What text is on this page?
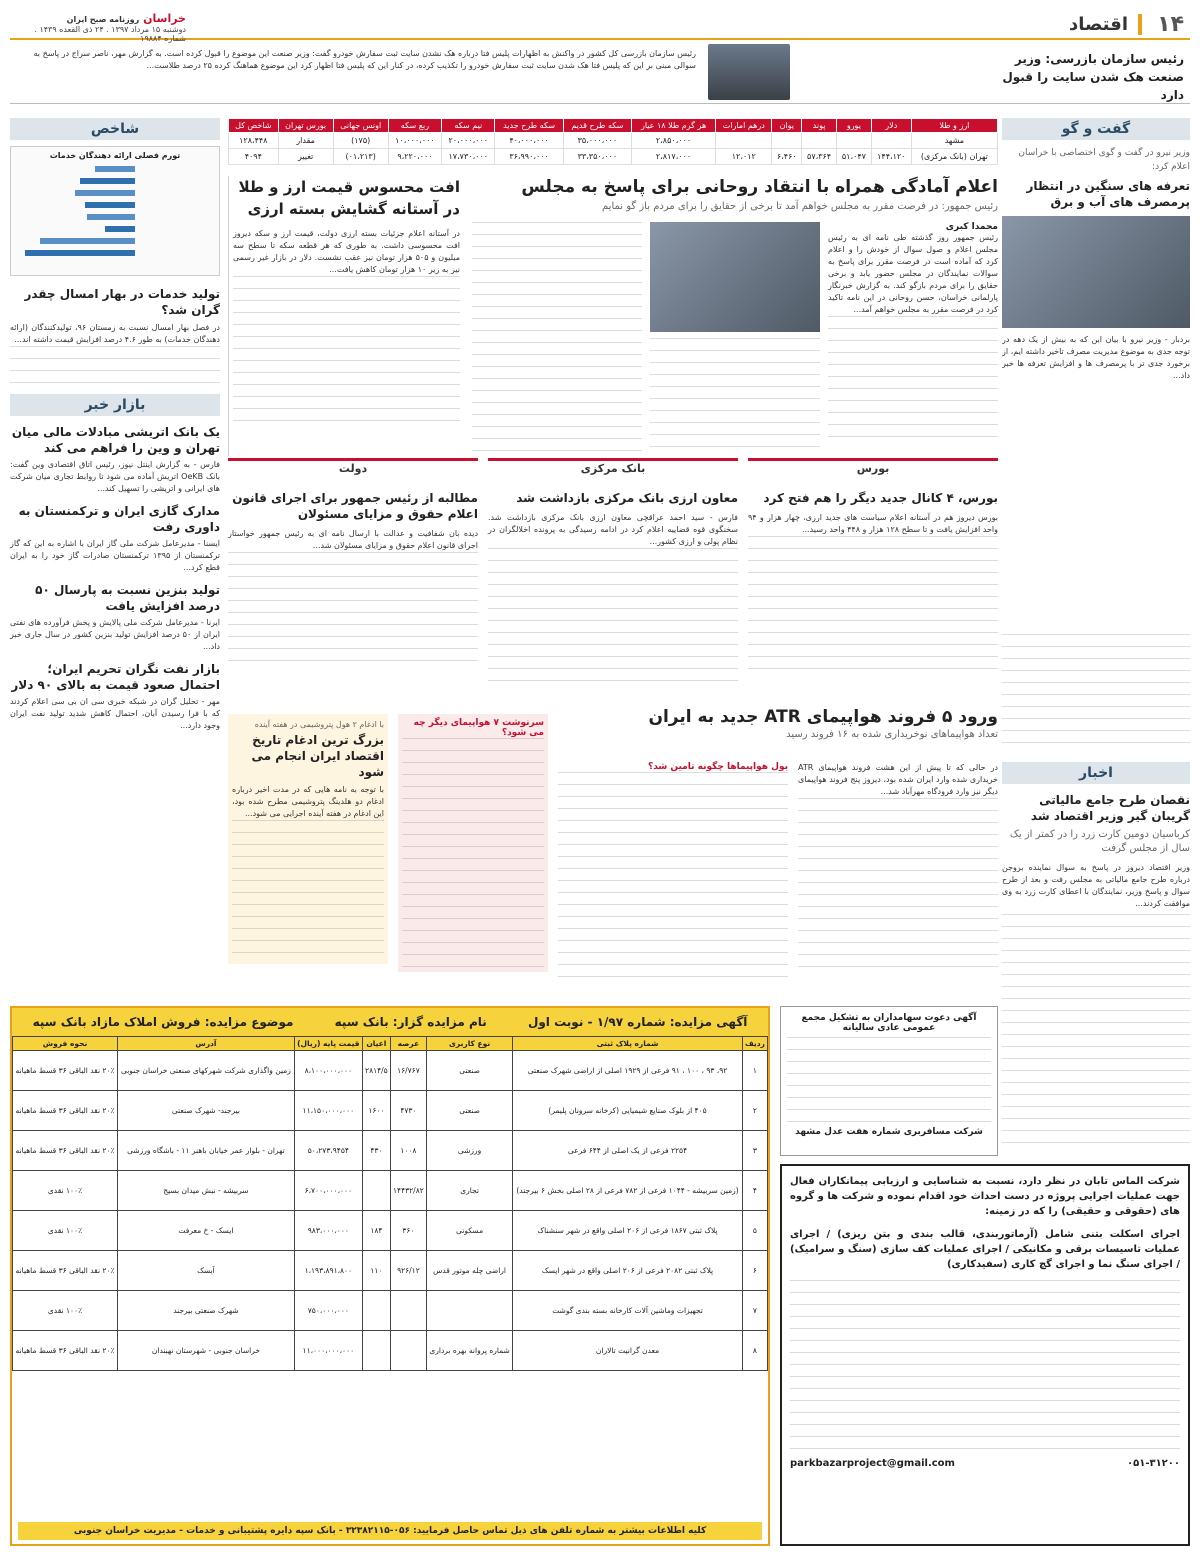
۱۴
اقتصاد
خراسان روزنامه صبح ایران
دوشنبه ۱۵ مرداد ۱۳۹۷ . ۲۴ ذی القعده ۱۴۳۹ . شماره ۱۹۸۸۴
رئیس سازمان بازرسی: وزیر صنعت هک شدن سایت را قبول دارد
رئیس سازمان بازرسی کل کشور در واکنش به اظهارات پلیس فتا درباره هک نشدن سایت ثبت سفارش خودرو گفت: وزیر صنعت این موضوع را قبول کرده است. به گزارش مهر، ناصر سراج در پاسخ به سوالی مبنی بر این که پلیس فتا هک شدن سایت ثبت سفارش خودرو را تکذیب کرده، در کنار این که پلیس فتا اظهار کرد این موضوع هماهنگ کرده ۲۵ درصد طلاست...
گفت و گو
وزیر نیرو در گفت و گوی اختصاصی با خراسان اعلام کرد:
تعرفه های سنگین در انتظار پرمصرف های آب و برق
بردبار - وزیر نیرو با بیان این که به بیش از یک دهه در توجه جدی به موضوع مدیریت مصرف تاخیر داشته ایم، از برخورد جدی تر با پرمصرف ها و افزایش تعرفه ها خبر داد...
اخبار
نقصان طرح جامع مالیاتی گریبان گیر وزیر اقتصاد شد
کرباسیان دومین کارت زرد را در کمتر از یک سال از مجلس گرفت
وزیر اقتصاد دیروز در پاسخ به سوال نماینده بروجن درباره طرح جامع مالیاتی به مجلس رفت و بعد از طرح سوال و پاسخ وزیر، نمایندگان با اعطای کارت زرد به وی موافقت کردند...
ارز و طلا	دلار	یورو	پوند	یوان	درهم امارات	هر گرم طلا ۱۸ عیار	سکه طرح قدیم	سکه طرح جدید	نیم سکه	ربع سکه	اونس جهانی	بورس تهران	شاخص کل
مشهد						۲،۸۵۰،۰۰۰	۳۵،۰۰۰،۰۰۰	۴۰،۰۰۰،۰۰۰	۲۰،۰۰۰،۰۰۰	۱۰،۰۰۰،۰۰۰	(۱۷۵)	مقدار	۱۲۸،۴۴۸
تهران (بانک مرکزی)	۱۴۴،۱۲۰	۵۱،۰۴۷	۵۷،۳۶۴	۶،۴۶۰	۱۲،۰۱۲	۲،۸۱۷،۰۰۰	۳۳،۳۵۰،۰۰۰	۳۶،۹۹۰،۰۰۰	۱۷،۷۳۰،۰۰۰	۹،۲۲۰،۰۰۰	(۰۱،۲۱۳)	تغییر	۴۰۹۴
اعلام آمادگی همراه با انتقاد روحانی برای پاسخ به مجلس
رئیس جمهور: در فرصت مقرر به مجلس خواهم آمد تا برخی از حقایق را برای مردم باز گو نمایم
محمدا کبری
رئیس جمهور روز گذشته طی نامه ای به رئیس مجلس اعلام و صول سوال از خودش را و اعلام کرد که آماده است در فرصت مقرر برای پاسخ به سوالات نمایندگان در مجلس حضور یابد و برخی حقایق را برای مردم بازگو کند. به گزارش خبرنگار پارلمانی خراسان، حسن روحانی در این نامه تاکید کرد در فرصت مقرر به مجلس خواهم آمد...
افت محسوس قیمت ارز و طلا در آستانه گشایش بسته ارزی
در آستانه اعلام جزئیات بسته ارزی دولت، قیمت ارز و سکه دیروز افت محسوسی داشت. به طوری که هر قطعه سکه تا سطح سه میلیون و ۵۰۵ هزار تومان نیز عقب نشست. دلار در بازار غیر رسمی نیز به زیر ۱۰ هزار تومان کاهش یافت...
بورس
بورس، ۴ کانال جدید دیگر را هم فتح کرد
بورس دیروز هم در آستانه اعلام سیاست های جدید ارزی، چهار هزار و ۹۴ واحد افزایش یافت و تا سطح ۱۲۸ هزار و ۴۴۸ واحد رسید...
بانک مرکزی
معاون ارزی بانک مرکزی بازداشت شد
فارس - سید احمد عراقچی معاون ارزی بانک مرکزی بازداشت شد. سخنگوی قوه قضاییه اعلام کرد در ادامه رسیدگی به پرونده اخلالگران در نظام پولی و ارزی کشور...
دولت
مطالبه از رئیس جمهور برای اجرای قانون اعلام حقوق و مزایای مسئولان
دیده بان شفافیت و عدالت با ارسال نامه ای به رئیس جمهور خواستار اجرای قانون اعلام حقوق و مزایای مسئولان شد...
ورود ۵ فروند هواپیمای ATR جدید به ایران
تعداد هواپیماهای نوخریداری شده به ۱۶ فروند رسید
در حالی که تا پیش از این هشت فروند هواپیمای ATR خریداری شده وارد ایران شده بود، دیروز پنج فروند هواپیمای دیگر نیز وارد فرودگاه مهرآباد شد...
بول هواپیماها چگونه تامین شد؟
سرنوشت ۷ هواپیمای دیگر چه می شود؟
با ادغام ۲ هول پتروشیمی در هفته آینده
بزرگ ترین ادغام تاریخ اقتصاد ایران انجام می شود
با توجه به نامه هایی که در مدت اخیر درباره ادغام دو هلدینگ پتروشیمی مطرح شده بود، این ادغام در هفته آینده اجرایی می شود...
شاخص
تورم فصلی ارائه دهندگان خدمات
تولید خدمات در بهار امسال چقدر گران شد؟
در فصل بهار امسال نسبت به زمستان ۹۶، تولیدکنندگان (ارائه دهندگان خدمات) به طور ۴.۶ درصد افزایش قیمت داشته اند...
بازار خبر
یک بانک اتریشی مبادلات مالی میان تهران و وین را فراهم می کند
فارس - به گزارش اینتل نیوز، رئیس اتاق اقتصادی وین گفت: بانک OeKB اتریش آماده می شود تا روابط تجاری میان شرکت های ایرانی و اتریشی را تسهیل کند...
مدارک گازی ایران و ترکمنستان به داوری رفت
ایسنا - مدیرعامل شرکت ملی گاز ایران با اشاره به این که گاز ترکمنستان از ۱۳۹۵ ترکمنستان صادرات گاز خود را به ایران قطع کرد...
تولید بنزین نسبت به پارسال ۵۰ درصد افزایش یافت
ایرنا - مدیرعامل شرکت ملی پالایش و پخش فرآورده های نفتی ایران از ۵۰ درصد افزایش تولید بنزین کشور در سال جاری خبر داد...
بازار نفت نگران تحریم ایران؛ احتمال صعود قیمت به بالای ۹۰ دلار
مهر - تحلیل گران در شبکه خبری سی ان بی سی اعلام کردند که با فرا رسیدن آبان، احتمال کاهش شدید تولید نفت ایران وجود دارد...
آگهی مزایده: شماره ۱/۹۷ - نوبت اول
نام مزایده گزار: بانک سپه
موضوع مزایده: فروش املاک مازاد بانک سپه
ردیف	شماره پلاک ثبتی	نوع کاربری	عرصه	اعیان	قیمت پایه (ریال)	آدرس	نحوه فروش
۱	۹۲، ۹۳ ، ۱۰۰ ، ۹۱ فرعی از ۱۹۲۹ اصلی از اراضی شهرک صنعتی	صنعتی	۱۶/۷۶۷	۲۸۱۴/۵	۸،۱۰۰،۰۰۰،۰۰۰	زمین واگذاری شرکت شهرکهای صنعتی خراسان جنوبی	۲۰٪ نقد الباقی ۳۶ قسط ماهیانه
۲	۴۰۵ از بلوک صنایع شیمیایی (کرخانه سرونان پلیمر)	صنعتی	۴۷۳۰	۱۶۰۰	۱۱،۱۵۰،۰۰۰،۰۰۰	بیرجند- شهرک صنعتی	۲۰٪ نقد الباقی ۳۶ قسط ماهیانه
۳	۲۲۵۴ فرعی از یک اصلی از ۶۴۴ فرعی	ورزشی	۱۰۰۸	۴۳۰	۵۰،۲۷۳،۹۴۵۴	تهران - بلوار عمر خیابان باهنر ۱۱ - باشگاه ورزشی	۲۰٪ نقد الباقی ۳۶ قسط ماهیانه
۴	(زمین سربیشه - ۱۰۴۴ فرعی از ۷۸۲ فرعی از ۲۸ اصلی بخش ۶ بیرجند)	تجاری	۱۴۴۳۲/۸۲		۶،۷۰۰،۰۰۰،۰۰۰	سربیشه - نبش میدان بسیج	۱۰۰٪ نقدی
۵	پلاک ثبتی ۱۸۶۷ فرعی از ۲۰۶ اصلی واقع در شهر سنشناک	مسکونی	۳۶۰	۱۸۴	۹۸۳،۰۰۰،۰۰۰	ایسک - خ معرفت	۱۰۰٪ نقدی
۶	پلاک ثبتی ۲۰۸۲ فرعی از ۲۰۶ اصلی واقع در شهر ایسک	اراضی چله موتور قدس	۹۲۶/۱۲	۱۱۰	۱،۱۹۳،۸۹۱،۸۰۰	آیسک	۲۰٪ نقد الباقی ۳۶ قسط ماهیانه
۷	تجهیزات وماشین آلات کارخانه بسته بندی گوشت				۷۵۰،۰۰۰،۰۰۰	شهرک صنعتی بیرجند	۱۰۰٪ نقدی
۸	معدن گرانیت تالاران	شماره پروانه بهره برداری			۱۱،۰۰۰،۰۰۰،۰۰۰	خراسان جنوبی - شهرستان نهبندان	۲۰٪ نقد الباقی ۳۶ قسط ماهیانه
کلیه اطلاعات بیشتر به شماره تلفن های ذیل تماس حاصل فرمایید: ۰۵۶-۳۲۳۸۲۱۱۵ - بانک سپه دایره پشتیبانی و خدمات - مدیریت خراسان جنوبی
آگهی دعوت سهامداران به تشکیل مجمع عمومی عادی سالیانه
شرکت مسافربری شماره هفت عدل مشهد
شرکت الماس تابان در نظر دارد، نسبت به شناسایی و ارزیابی پیمانکاران فعال جهت عملیات اجرایی پروژه در دست احداث خود اقدام نموده و شرکت ها و گروه های (حقوقی و حقیقی) را که در زمینه:
اجرای اسکلت بتنی شامل (آرماتوربندی، قالب بندی و بتن ریزی) / اجرای عملیات تاسیسات برقی و مکانیکی / اجرای عملیات کف سازی (سنگ و سرامیک) / اجرای سنگ نما و اجرای گچ کاری (سفیدکاری)
۰۵۱-۳۱۲۰۰
parkbazarproject@gmail.com
